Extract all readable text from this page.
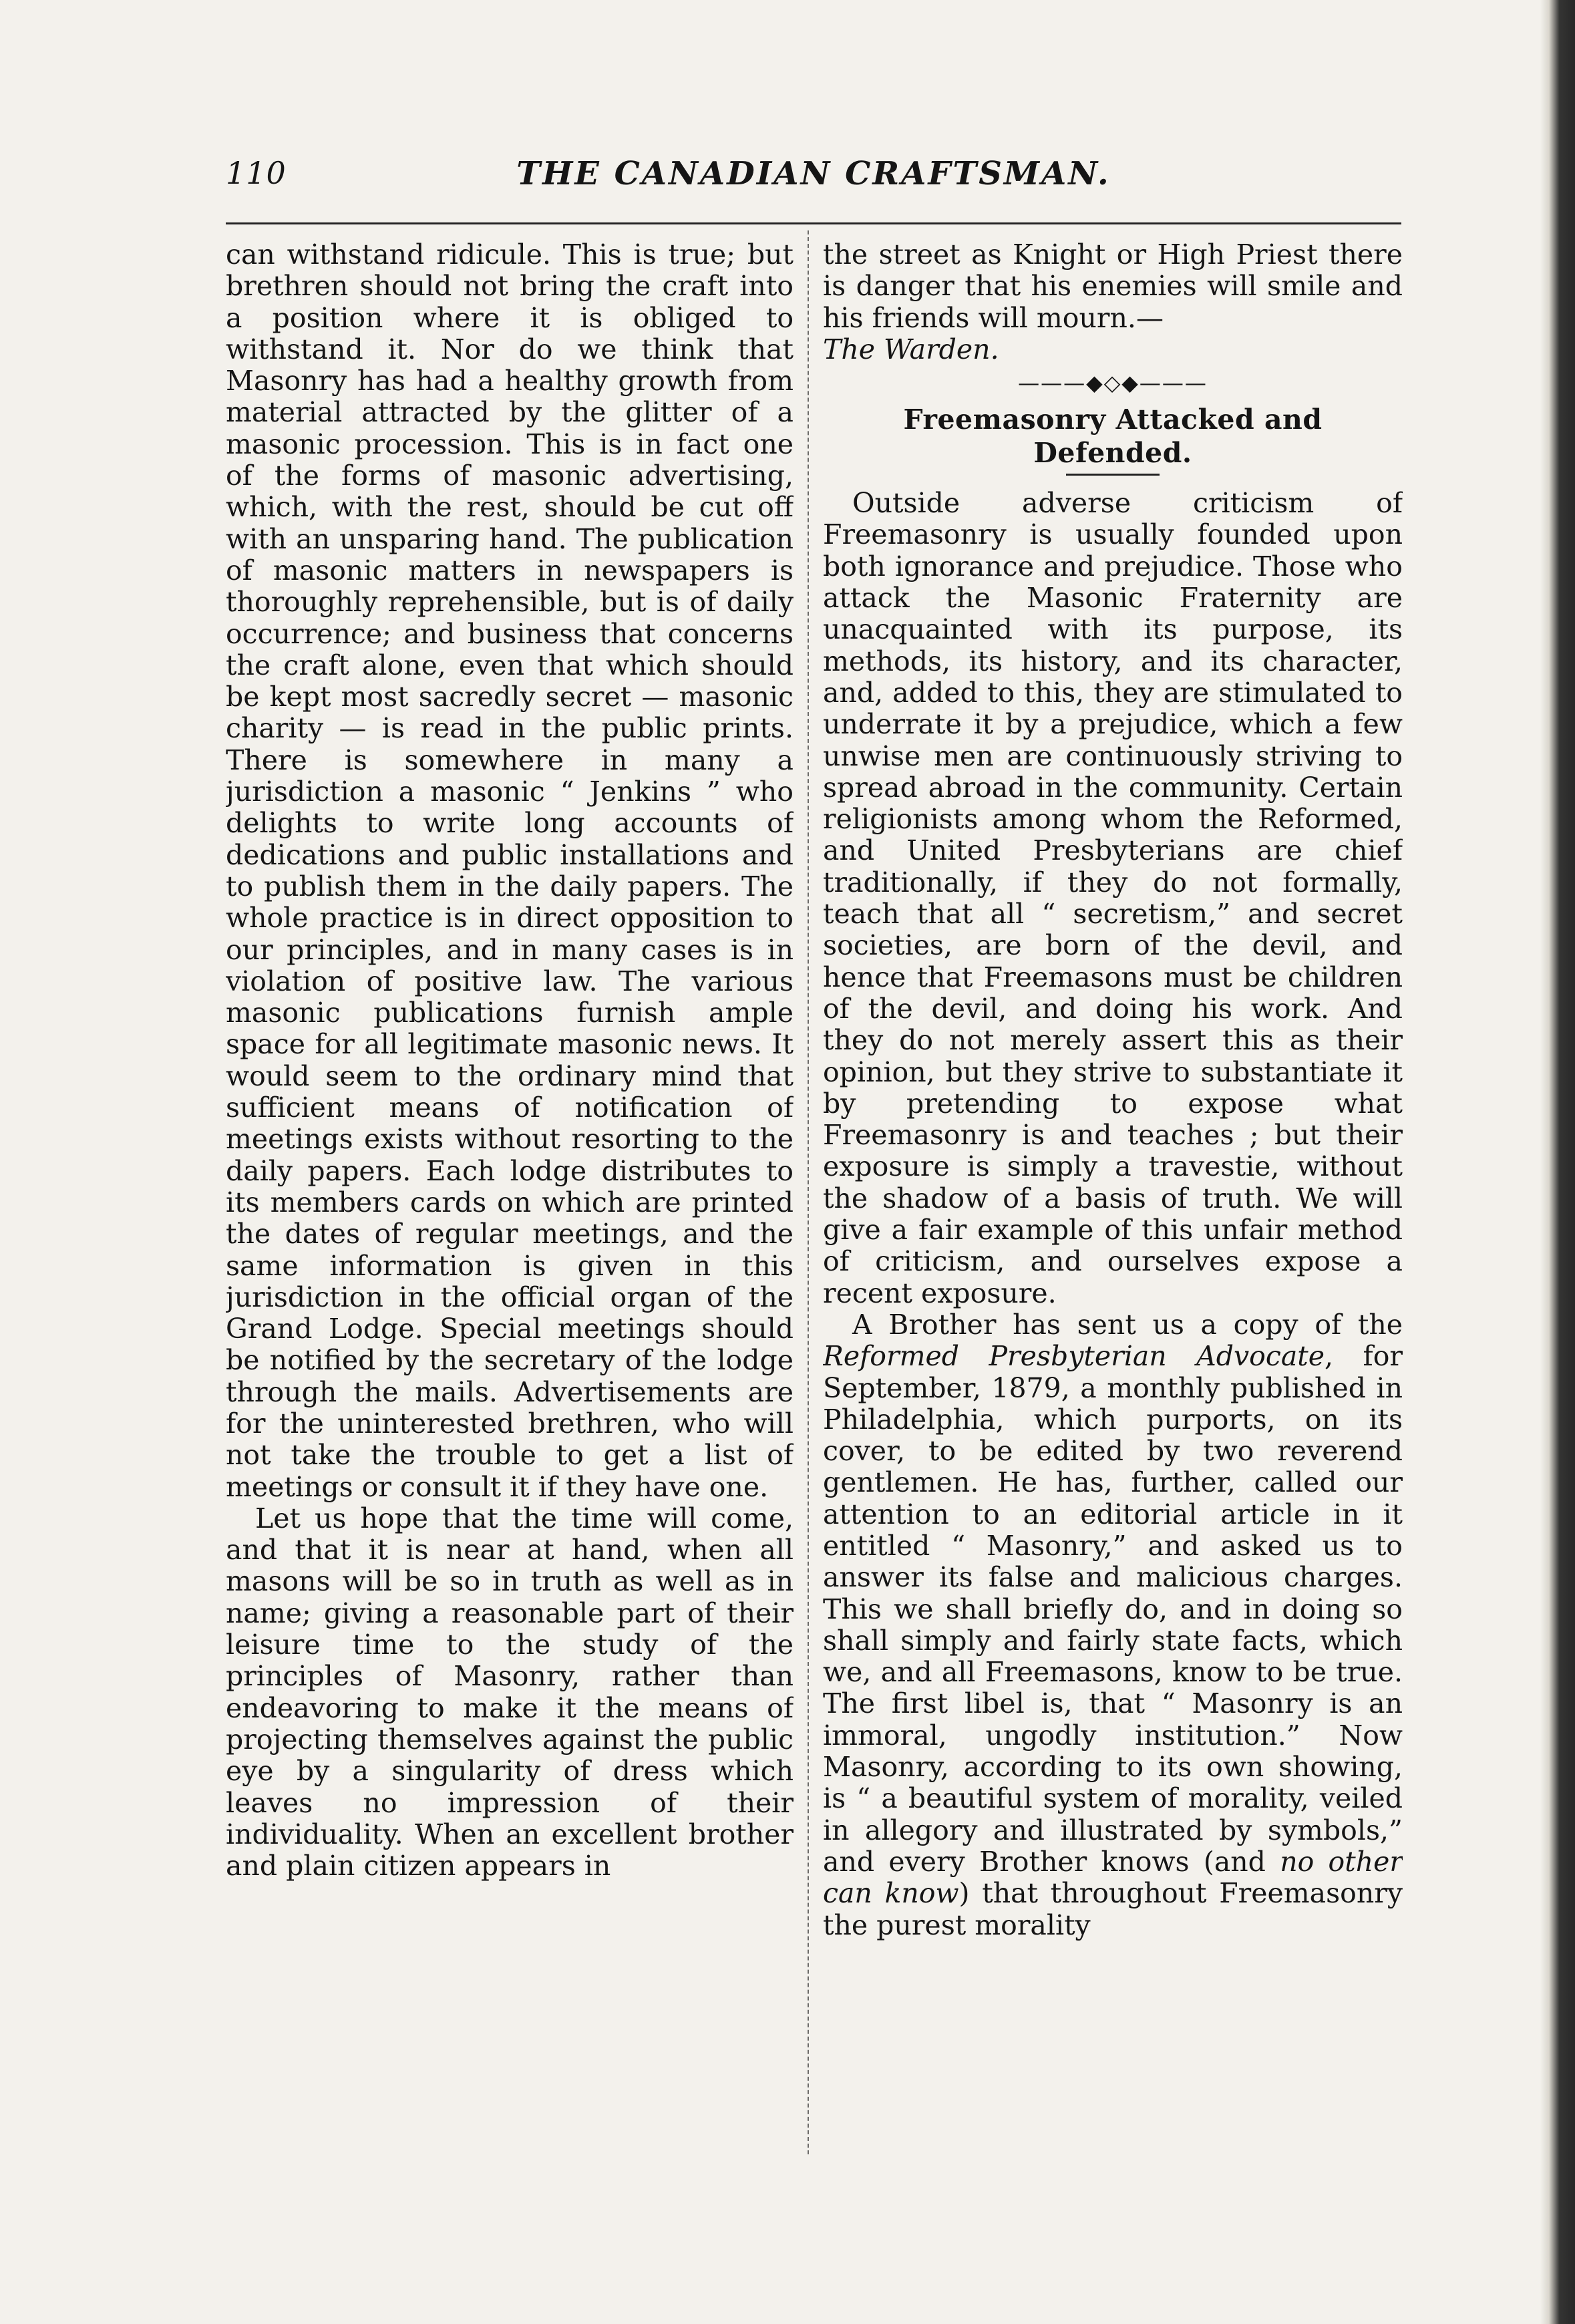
110	THE CANADIAN CRAFTSMAN.

can withstand ridicule. This is true; but brethren should not bring the craft into a position where it is obliged to withstand it. Nor do we think that Masonry has had a healthy growth from material attracted by the glitter of a masonic procession. This is in fact one of the forms of masonic advertising, which, with the rest, should be cut off with an unsparing hand. The publication of masonic matters in newspapers is thoroughly reprehensible, but is of daily occurrence; and business that concerns the craft alone, even that which should be kept most sacredly secret — masonic charity — is read in the public prints. There is somewhere in many a jurisdiction a masonic “ Jenkins ” who delights to write long accounts of dedications and public installations and to publish them in the daily papers. The whole practice is in direct opposition to our principles, and in many cases is in violation of positive law. The various masonic publications furnish ample space for all legitimate masonic news. It would seem to the ordinary mind that sufficient means of notification of meetings exists without resorting to the daily papers. Each lodge distributes to its members cards on which are printed the dates of regular meetings, and the same information is given in this jurisdiction in the official organ of the Grand Lodge. Special meetings should be notified by the secretary of the lodge through the mails. Advertisements are for the uninterested brethren, who will not take the trouble to get a list of meetings or consult it if they have one.

Let us hope that the time will come, and that it is near at hand, when all masons will be so in truth as well as in name; giving a reasonable part of their leisure time to the study of the principles of Masonry, rather than endeavoring to make it the means of projecting themselves against the public eye by a singularity of dress which leaves no impression of their individuality. When an excellent brother and plain citizen appears in

the street as Knight or High Priest there is danger that his enemies will smile and his friends will mourn.—

The Warden.

———◆◇◆———
Freemasonry Attacked and Defended.

Outside adverse criticism of Freemasonry is usually founded upon both ignorance and prejudice. Those who attack the Masonic Fraternity are unacquainted with its purpose, its methods, its history, and its character, and, added to this, they are stimulated to underrate it by a prejudice, which a few unwise men are continuously striving to spread abroad in the community. Certain religionists among whom the Reformed, and United Presbyterians are chief traditionally, if they do not formally, teach that all “ secretism,” and secret societies, are born of the devil, and hence that Freemasons must be children of the devil, and doing his work. And they do not merely assert this as their opinion, but they strive to substantiate it by pretending to expose what Freemasonry is and teaches ; but their exposure is simply a travestie, without the shadow of a basis of truth. We will give a fair example of this unfair method of criticism, and ourselves expose a recent exposure.

A Brother has sent us a copy of the Reformed Presbyterian Advocate, for September, 1879, a monthly published in Philadelphia, which purports, on its cover, to be edited by two reverend gentlemen. He has, further, called our attention to an editorial article in it entitled “ Masonry,” and asked us to answer its false and malicious charges. This we shall briefly do, and in doing so shall simply and fairly state facts, which we, and all Freemasons, know to be true. The first libel is, that “ Masonry is an immoral, ungodly institution.” Now Masonry, according to its own showing, is “ a beautiful system of morality, veiled in allegory and illustrated by symbols,” and every Brother knows (and no other can know) that throughout Freemasonry the purest morality
